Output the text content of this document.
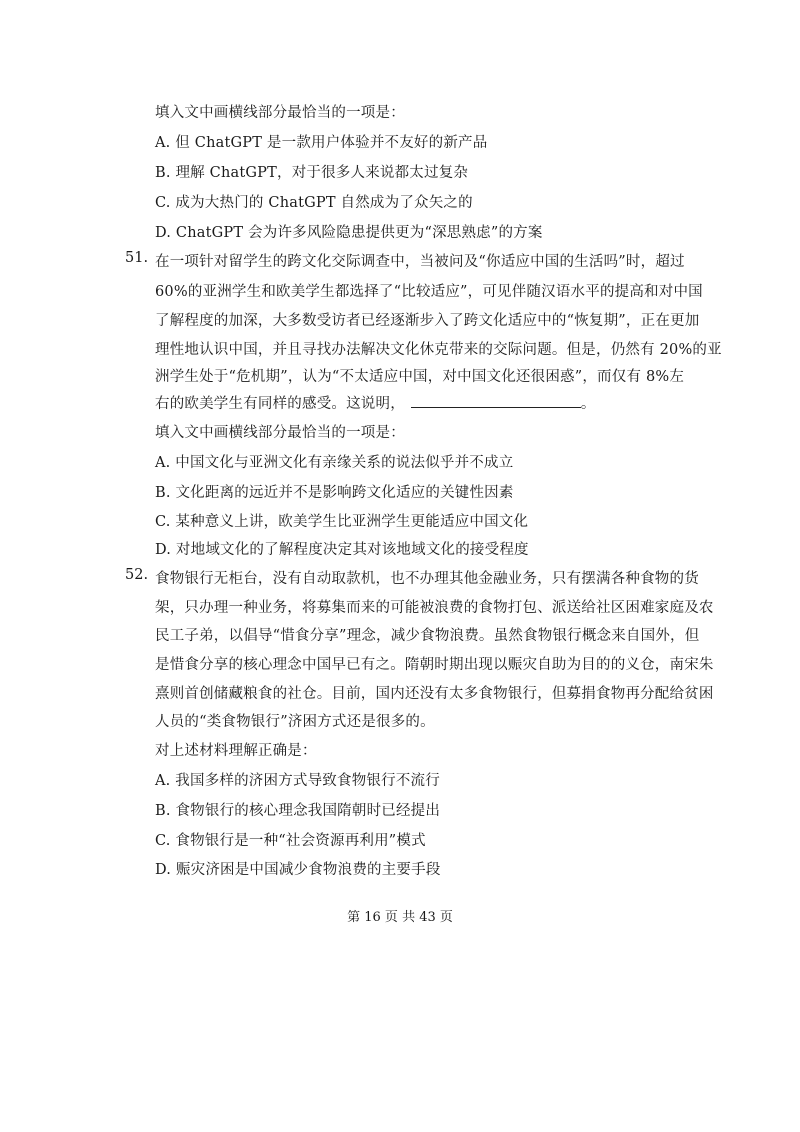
填入文中画横线部分最恰当的一项是：
A. 但 ChatGPT 是一款用户体验并不友好的新产品
B. 理解 ChatGPT，对于很多人来说都太过复杂
C. 成为大热门的 ChatGPT 自然成为了众矢之的
D. ChatGPT 会为许多风险隐患提供更为“深思熟虑”的方案
51. 在一项针对留学生的跨文化交际调查中，当被问及“你适应中国的生活吗”时，超过
60%的亚洲学生和欧美学生都选择了“比较适应”，可见伴随汉语水平的提高和对中国
了解程度的加深，大多数受访者已经逐渐步入了跨文化适应中的“恢复期”，正在更加
理性地认识中国，并且寻找办法解决文化休克带来的交际问题。但是，仍然有 20%的亚
洲学生处于“危机期”，认为“不太适应中国，对中国文化还很困惑”，而仅有 8%左
右的欧美学生有同样的感受。这说明，	。
填入文中画横线部分最恰当的一项是：
A. 中国文化与亚洲文化有亲缘关系的说法似乎并不成立
B. 文化距离的远近并不是影响跨文化适应的关键性因素
C. 某种意义上讲，欧美学生比亚洲学生更能适应中国文化
D. 对地域文化的了解程度决定其对该地域文化的接受程度
52. 食物银行无柜台，没有自动取款机，也不办理其他金融业务，只有摆满各种食物的货
架，只办理一种业务，将募集而来的可能被浪费的食物打包、派送给社区困难家庭及农
民工子弟，以倡导“惜食分享”理念，减少食物浪费。虽然食物银行概念来自国外，但
是惜食分享的核心理念中国早已有之。隋朝时期出现以赈灾自助为目的的义仓，南宋朱
熹则首创储藏粮食的社仓。目前，国内还没有太多食物银行，但募捐食物再分配给贫困
人员的“类食物银行”济困方式还是很多的。
对上述材料理解正确是：
A. 我国多样的济困方式导致食物银行不流行
B. 食物银行的核心理念我国隋朝时已经提出
C. 食物银行是一种“社会资源再利用”模式
D. 赈灾济困是中国减少食物浪费的主要手段
第 16 页 共 43 页
